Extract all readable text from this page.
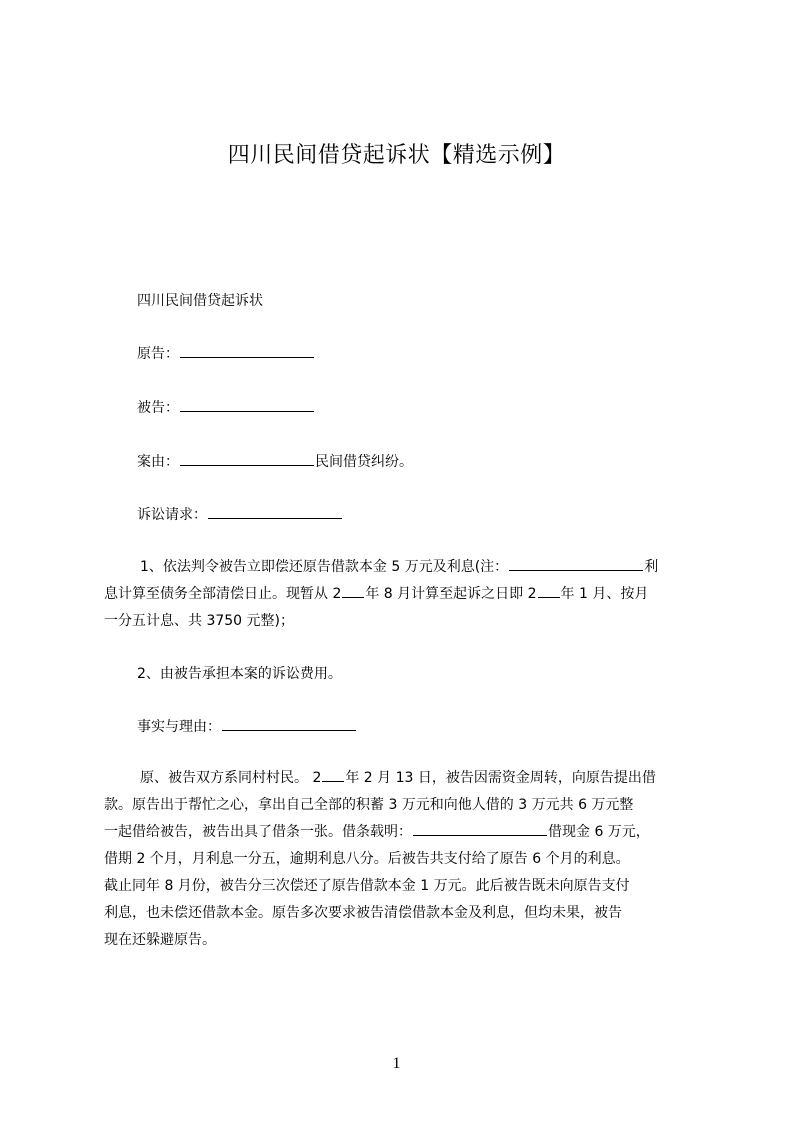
四川民间借贷起诉状【精选示例】
四川民间借贷起诉状
原告：
被告：
案由：	民间借贷纠纷。
诉讼请求：
1、依法判令被告立即偿还原告借款本金 5 万元及利息(注：	利
息计算至债务全部清偿日止。现暂从 2 年 8 月计算至起诉之日即 2 年 1 月、按月
一分五计息、共 3750 元整)；
2、由被告承担本案的诉讼费用。
事实与理由：
原、被告双方系同村村民。 2 年 2 月 13 日，被告因需资金周转，向原告提出借
款。原告出于帮忙之心，拿出自己全部的积蓄 3 万元和向他人借的 3 万元共 6 万元整
一起借给被告，被告出具了借条一张。借条载明：	借现金 6 万元，
借期 2 个月，月利息一分五，逾期利息八分。后被告共支付给了原告 6 个月的利息。
截止同年 8 月份，被告分三次偿还了原告借款本金 1 万元。此后被告既未向原告支付
利息，也未偿还借款本金。原告多次要求被告清偿借款本金及利息，但均未果，被告
现在还躲避原告。
1
